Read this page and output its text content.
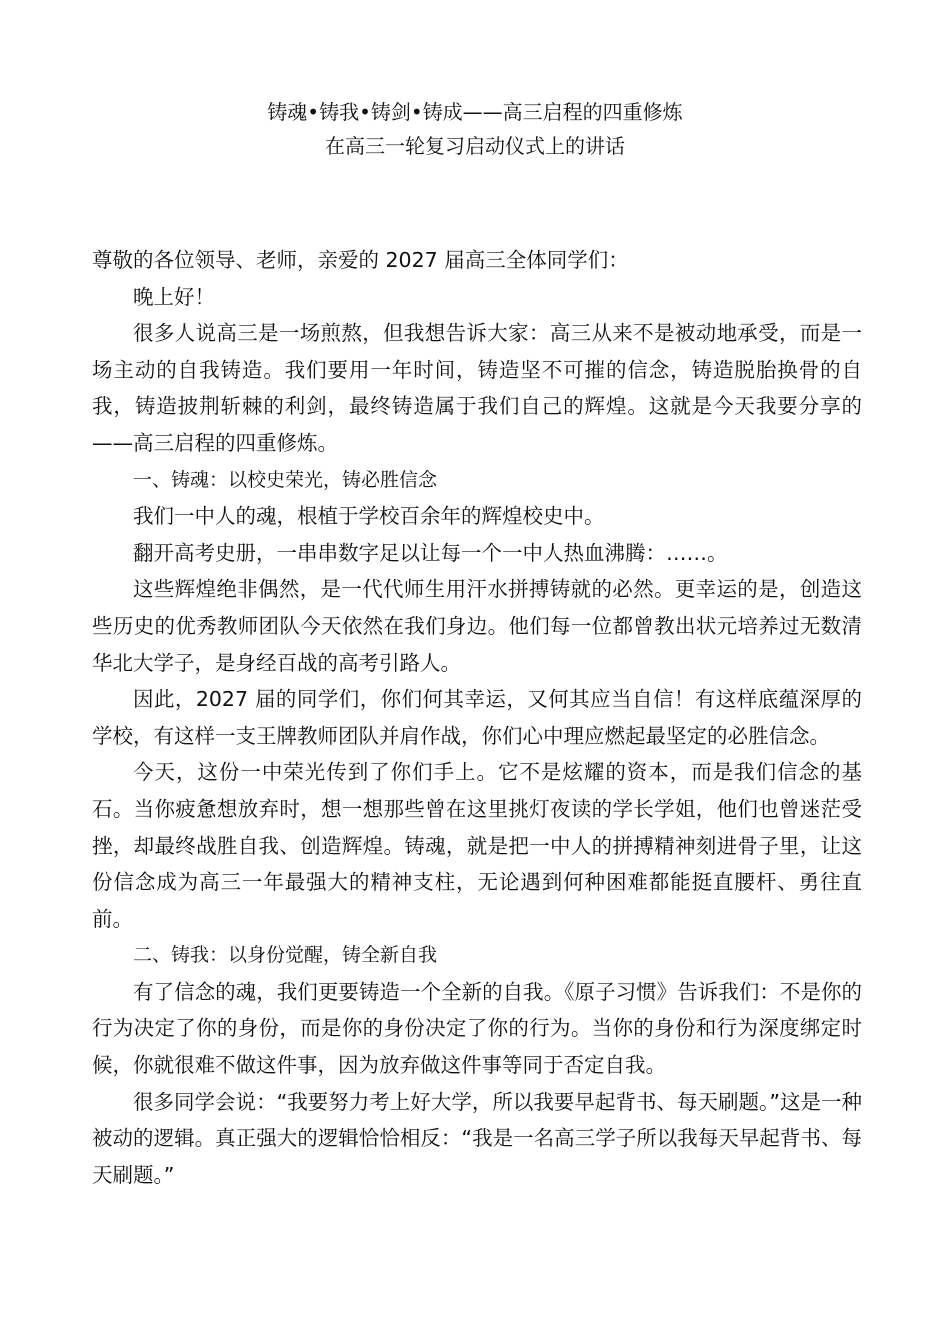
铸魂•铸我•铸剑•铸成——高三启程的四重修炼
在高三一轮复习启动仪式上的讲话

尊敬的各位领导、老师，亲爱的 2027 届高三全体同学们：

晚上好！

很多人说高三是一场煎熬，但我想告诉大家：高三从来不是被动地承受，而是一场主动的自我铸造。我们要用一年时间，铸造坚不可摧的信念，铸造脱胎换骨的自我，铸造披荆斩棘的利剑，最终铸造属于我们自己的辉煌。这就是今天我要分享的——高三启程的四重修炼。

一、铸魂：以校史荣光，铸必胜信念

我们一中人的魂，根植于学校百余年的辉煌校史中。

翻开高考史册，一串串数字足以让每一个一中人热血沸腾：……。

这些辉煌绝非偶然，是一代代师生用汗水拼搏铸就的必然。更幸运的是，创造这些历史的优秀教师团队今天依然在我们身边。他们每一位都曾教出状元培养过无数清华北大学子，是身经百战的高考引路人。

因此，2027 届的同学们，你们何其幸运，又何其应当自信！有这样底蕴深厚的学校，有这样一支王牌教师团队并肩作战，你们心中理应燃起最坚定的必胜信念。

今天，这份一中荣光传到了你们手上。它不是炫耀的资本，而是我们信念的基石。当你疲惫想放弃时，想一想那些曾在这里挑灯夜读的学长学姐，他们也曾迷茫受挫，却最终战胜自我、创造辉煌。铸魂，就是把一中人的拼搏精神刻进骨子里，让这份信念成为高三一年最强大的精神支柱，无论遇到何种困难都能挺直腰杆、勇往直前。

二、铸我：以身份觉醒，铸全新自我

有了信念的魂，我们更要铸造一个全新的自我。《原子习惯》告诉我们：不是你的行为决定了你的身份，而是你的身份决定了你的行为。当你的身份和行为深度绑定时候，你就很难不做这件事，因为放弃做这件事等同于否定自我。

很多同学会说：“我要努力考上好大学，所以我要早起背书、每天刷题。”这是一种被动的逻辑。真正强大的逻辑恰恰相反：“我是一名高三学子所以我每天早起背书、每天刷题。”
